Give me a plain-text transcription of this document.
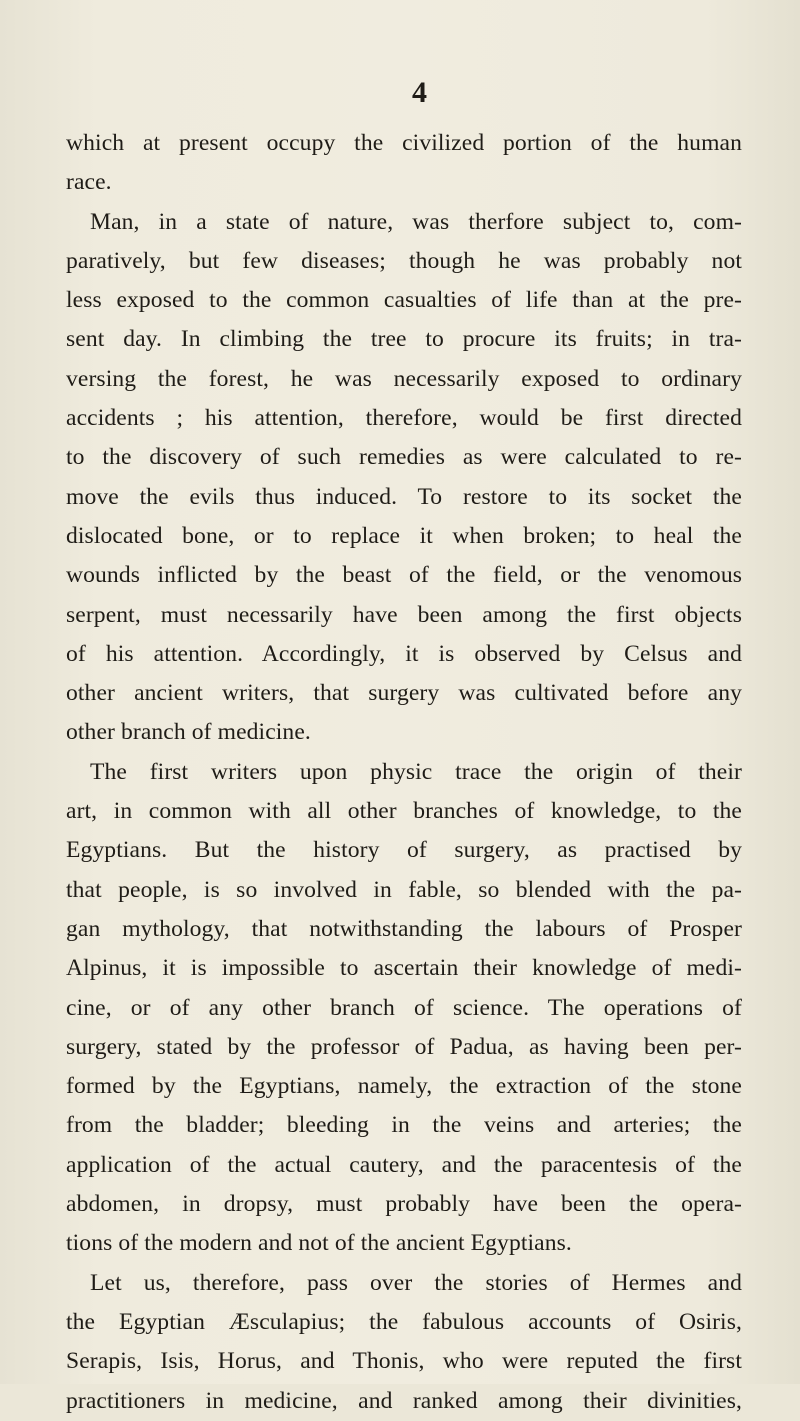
4
which at present occupy the civilized portion of the human
race.
Man, in a state of nature, was therfore subject to, com-
paratively, but few diseases; though he was probably not
less exposed to the common casualties of life than at the pre-
sent day. In climbing the tree to procure its fruits; in tra-
versing the forest, he was necessarily exposed to ordinary
accidents ; his attention, therefore, would be first directed
to the discovery of such remedies as were calculated to re-
move the evils thus induced. To restore to its socket the
dislocated bone, or to replace it when broken; to heal the
wounds inflicted by the beast of the field, or the venomous
serpent, must necessarily have been among the first objects
of his attention. Accordingly, it is observed by Celsus and
other ancient writers, that surgery was cultivated before any
other branch of medicine.
The first writers upon physic trace the origin of their
art, in common with all other branches of knowledge, to the
Egyptians. But the history of surgery, as practised by
that people, is so involved in fable, so blended with the pa-
gan mythology, that notwithstanding the labours of Prosper
Alpinus, it is impossible to ascertain their knowledge of medi-
cine, or of any other branch of science. The operations of
surgery, stated by the professor of Padua, as having been per-
formed by the Egyptians, namely, the extraction of the stone
from the bladder; bleeding in the veins and arteries; the
application of the actual cautery, and the paracentesis of the
abdomen, in dropsy, must probably have been the opera-
tions of the modern and not of the ancient Egyptians.
Let us, therefore, pass over the stories of Hermes and
the Egyptian Æsculapius; the fabulous accounts of Osiris,
Serapis, Isis, Horus, and Thonis, who were reputed the first
practitioners in medicine, and ranked among their divinities,
